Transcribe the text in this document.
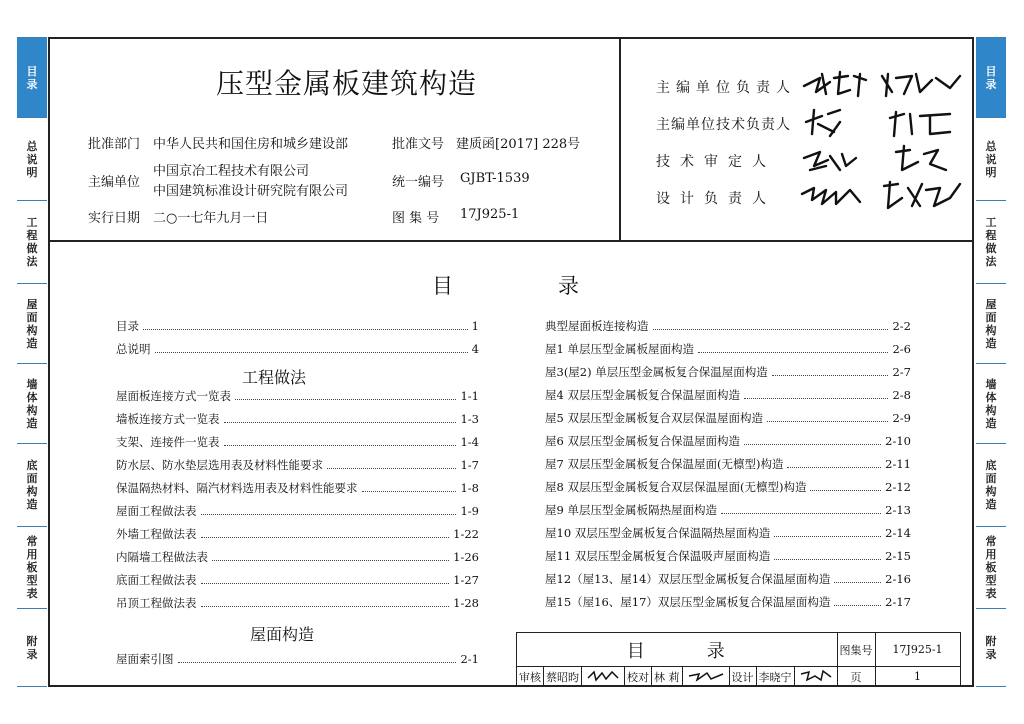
目录
总说明
工程做法
屋面构造
墙体构造
底面构造
常用板型表
附录
目录
总说明
工程做法
屋面构造
墙体构造
底面构造
常用板型表
附录
压型金属板建筑构造
批准部门 中华人民共和国住房和城乡建设部	批准文号 建质函[2017] 228号
主编单位
中国京冶工程技术有限公司
中国建筑标准设计研究院有限公司
统一编号 GJBT-1539
实行日期 二○一七年九月一日	图 集 号 17J925-1
主编单位负责人
主编单位技术负责人
技术审定人
设计负责人
目	录
目录	1
总说明	4
工程做法
屋面板连接方式一览表	1-1
墙板连接方式一览表	1-3
支架、连接件一览表	1-4
防水层、防水垫层选用表及材料性能要求	1-7
保温隔热材料、隔汽材料选用表及材料性能要求	1-8
屋面工程做法表	1-9
外墙工程做法表	1-22
内隔墙工程做法表	1-26
底面工程做法表	1-27
吊顶工程做法表	1-28
屋面构造
屋面索引图	2-1
典型屋面板连接构造	2-2
屋1 单层压型金属板屋面构造	2-6
屋3(屋2) 单层压型金属板复合保温屋面构造	2-7
屋4 双层压型金属板复合保温屋面构造	2-8
屋5 双层压型金属板复合双层保温屋面构造	2-9
屋6 双层压型金属板复合保温屋面构造	2-10
屋7 双层压型金属板复合保温屋面(无檩型)构造	2-11
屋8 双层压型金属板复合双层保温屋面(无檩型)构造	2-12
屋9 单层压型金属板隔热屋面构造	2-13
屋10 双层压型金属板复合保温隔热屋面构造	2-14
屋11 双层压型金属板复合保温吸声屋面构造	2-15
屋12（屋13、屋14）双层压型金属板复合保温屋面构造	2-16
屋15（屋16、屋17）双层压型金属板复合保温屋面构造	2-17
目 录									图集号	17J925-1
审核	蔡昭昀		校对	林 莉		设计	李晓宁		页	1
